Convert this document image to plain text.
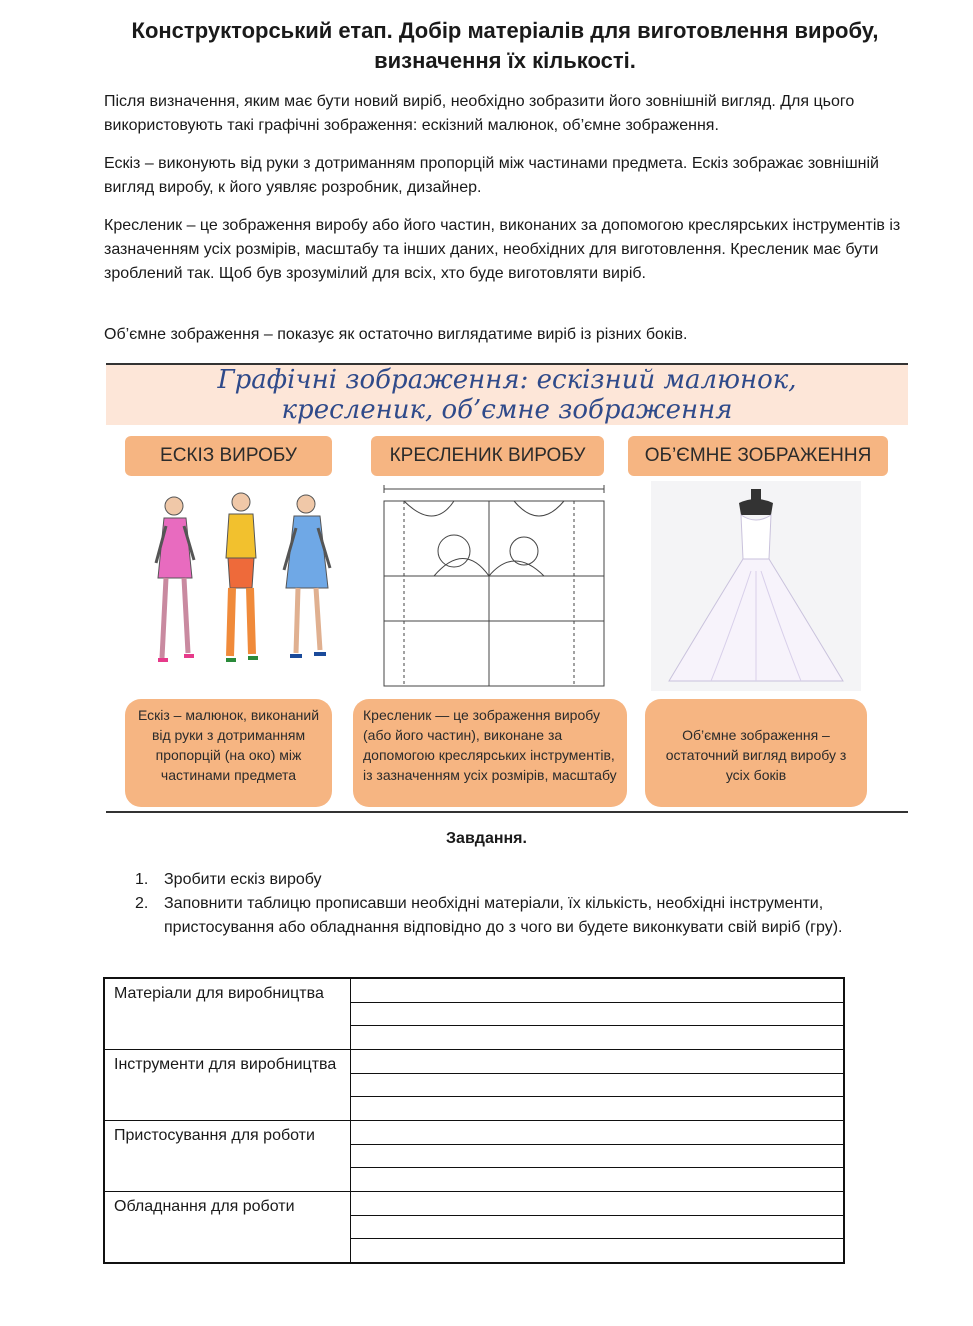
Конструкторський етап. Добір матеріалів для виготовлення виробу,
визначення їх кількості.
Після визначення, яким має бути новий виріб, необхідно зобразити його зовнішній вигляд. Для цього використовують такі графічні зображення: ескізний малюнок, об’ємне зображення.
Ескіз – виконують від руки з дотриманням пропорцій між частинами предмета. Ескіз зображає зовнішній вигляд виробу, к його уявляє розробник, дизайнер.
Кресленик – це зображення виробу або його частин, виконаних за допомогою креслярських інструментів із зазначенням усіх розмірів, масштабу та інших даних, необхідних для виготовлення. Кресленик має бути зроблений так. Щоб був зрозумілий для всіх, хто буде виготовляти виріб.
Об’ємне зображення – показує як остаточно виглядатиме виріб із різних боків.
Графічні зображення: ескізний малюнок,
кресленик, об’ємне зображення
ЕСКІЗ ВИРОБУ	КРЕСЛЕНИК ВИРОБУ	ОБ’ЄМНЕ ЗОБРАЖЕННЯ
Ескіз – малюнок, виконаний від руки з дотриманням пропорцій (на око) між частинами предмета
Кресленик — це зображення виробу (або його частин), виконане за допомогою креслярських інструментів, із зазначенням усіх розмірів, масштабу
Об’ємне зображення – остаточний вигляд виробу з усіх боків
Завдання.
1. Зробити ескіз виробу
2. Заповнити таблицю прописавши необхідні матеріали, їх кількість, необхідні інструменти, пристосування або обладнання відповідно до з чого ви будете виконкувати свій виріб (гру).
Матеріали для виробництва
Інструменти для виробництва
Пристосування для роботи
Обладнання для роботи
